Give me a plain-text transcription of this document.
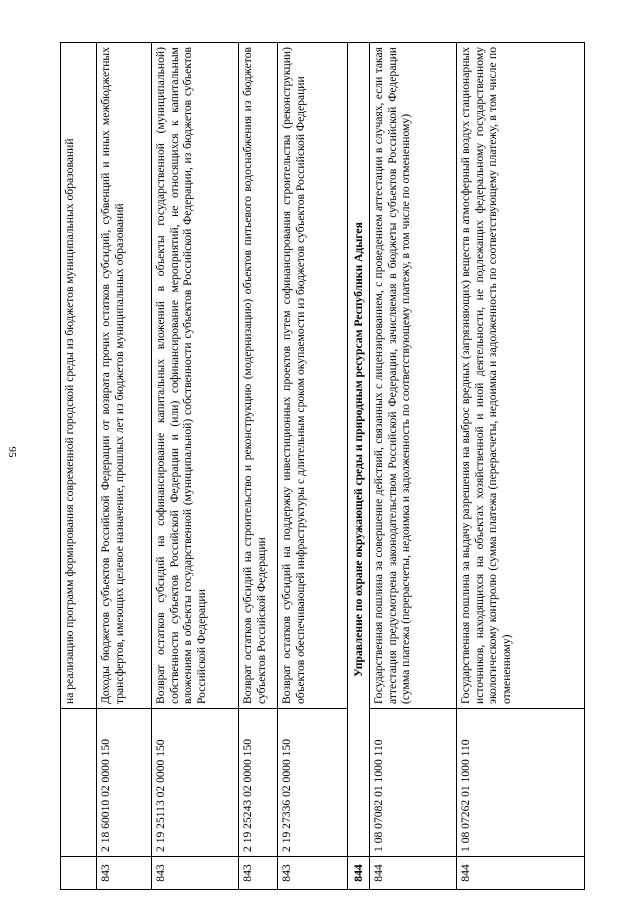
95
			на реализацию программ формирования современной городской среды из бюджетов муниципальных образований
843	2 18 60010 02 0000 150	Доходы бюджетов субъектов Российской Федерации от возврата прочих остатков субсидий, субвенций и иных межбюджетных трансфертов, имеющих целевое назначение, прошлых лет из бюджетов муниципальных образований
843	2 19 25113 02 0000 150	Возврат остатков субсидий на софинансирование капитальных вложений в объекты государственной (муниципальной) собственности субъектов Российской Федерации и (или) софинансирование мероприятий, не относящихся к капитальным вложениям в объекты государственной (муниципальной) собственности субъектов Российской Федерации, из бюджетов субъектов Российской Федерации
843	2 19 25243 02 0000 150	Возврат остатков субсидий на строительство и реконструкцию (модернизацию) объектов питьевого водоснабжения из бюджетов субъектов Российской Федерации
843	2 19 27336 02 0000 150	Возврат остатков субсидий на поддержку инвестиционных проектов путем софинансирования строительства (реконструкции) объектов обеспечивающей инфраструктуры с длительным сроком окупаемости из бюджетов субъектов Российской Федерации
844	Управление по охране окружающей среды и природным ресурсам Республики Адыгея	
844	1 08 07082 01 1000 110	Государственная пошлина за совершение действий, связанных с лицензированием, с проведением аттестации в случаях, если такая аттестация предусмотрена законодательством Российской Федерации, зачисляемая в бюджеты субъектов Российской Федерации (сумма платежа (перерасчеты, недоимка и задолженность по соответствующему платежу, в том числе по отмененному)
844	1 08 07262 01 1000 110	Государственная пошлина за выдачу разрешения на выброс вредных (загрязняющих) веществ в атмосферный воздух стационарных источников, находящихся на объектах хозяйственной и иной деятельности, не подлежащих федеральному государственному экологическому контролю (сумма платежа (перерасчеты, недоимка и задолженность по соответствующему платежу, в том числе по отмененному)
